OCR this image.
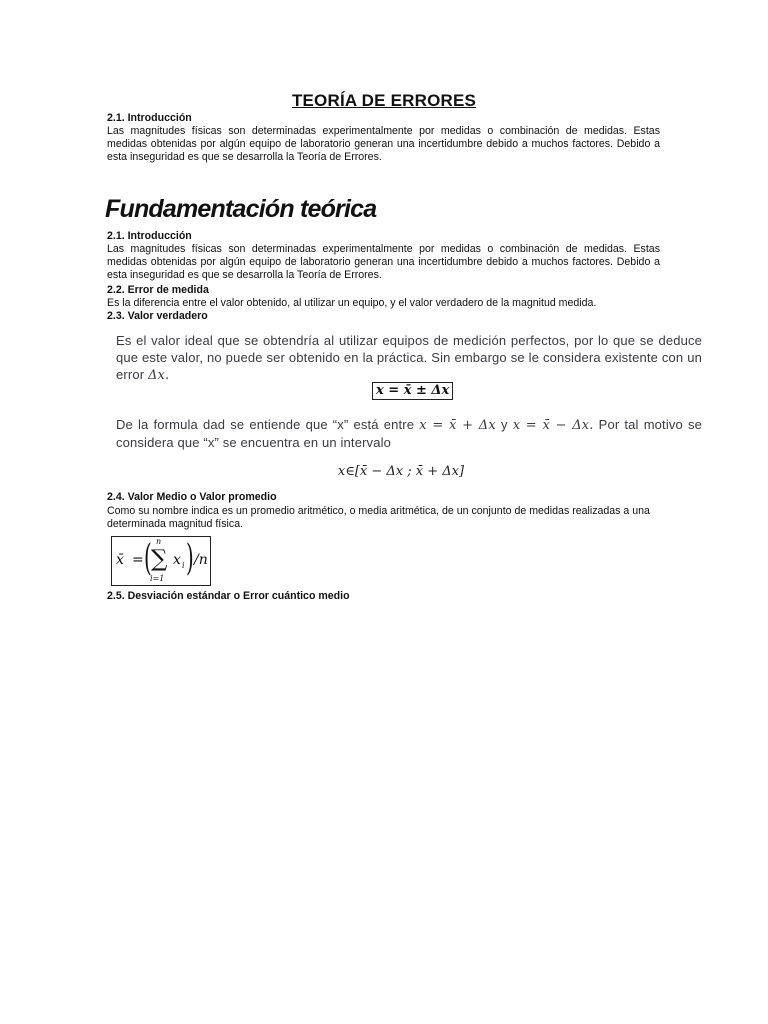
TEORÍA DE ERRORES
2.1. Introducción
Las magnitudes físicas son determinadas experimentalmente por medidas o combinación de medidas. Estas medidas obtenidas por algún equipo de laboratorio generan una incertidumbre debido a muchos factores. Debido a esta inseguridad es que se desarrolla la Teoría de Errores.
Fundamentación teórica
2.1. Introducción
Las magnitudes físicas son determinadas experimentalmente por medidas o combinación de medidas. Estas medidas obtenidas por algún equipo de laboratorio generan una incertidumbre debido a muchos factores. Debido a esta inseguridad es que se desarrolla la Teoría de Errores.
2.2. Error de medida
Es la diferencia entre el valor obtenido, al utilizar un equipo, y el valor verdadero de la magnitud medida.
2.3. Valor verdadero
Es el valor ideal que se obtendría al utilizar equipos de medición perfectos, por lo que se deduce que este valor, no puede ser obtenido en la práctica. Sin embargo se le considera existente con un error Δx.
x = x̄ ± Δx
De la formula dad se entiende que “x” está entre x = x̄ + Δx y x = x̄ − Δx. Por tal motivo se considera que “x” se encuentra en un intervalo
x∈[x̄ − Δx ; x̄ + Δx]
2.4. Valor Medio o Valor promedio
Como su nombre indica es un promedio aritmético, o media aritmética, de un conjunto de medidas realizadas a una determinada magnitud física.
x̄ = ( n
∑
i=1
x i ) /n
2.5. Desviación estándar o Error cuántico medio
